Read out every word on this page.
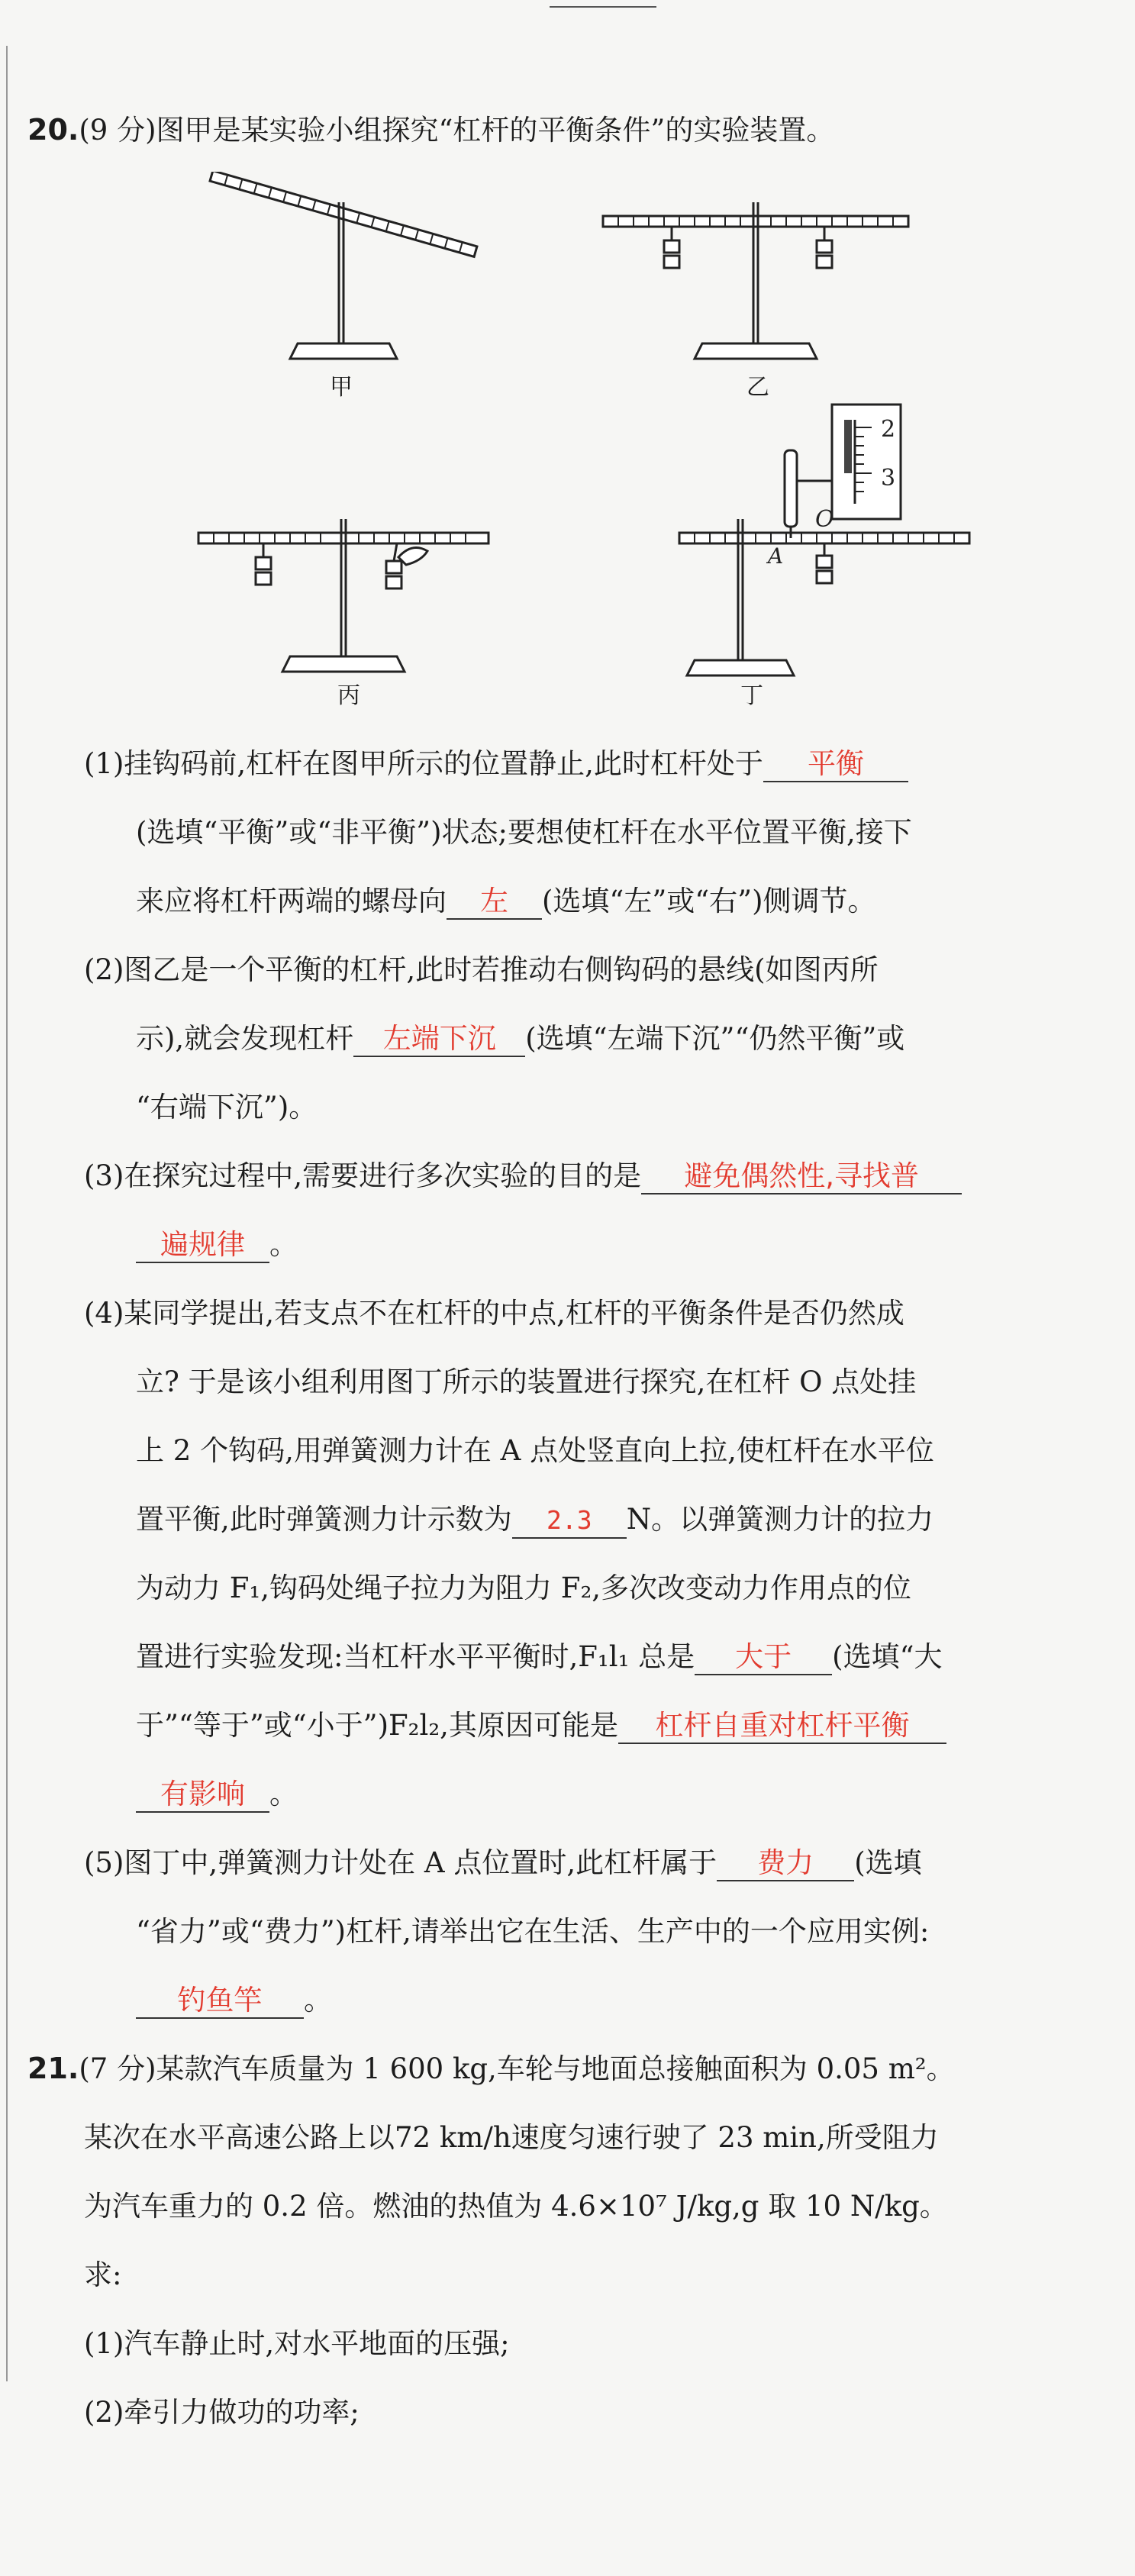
20.(9 分)图甲是某实验小组探究“杠杆的平衡条件”的实验装置。
甲	乙
丙
2
3
O
A
丁
(1)挂钩码前,杠杆在图甲所示的位置静止,此时杠杆处于 平衡
(选填“平衡”或“非平衡”)状态;要想使杠杆在水平位置平衡,接下
来应将杠杆两端的螺母向 左 (选填“左”或“右”)侧调节。
(2)图乙是一个平衡的杠杆,此时若推动右侧钩码的悬线(如图丙所
示),就会发现杠杆 左端下沉 (选填“左端下沉”“仍然平衡”或
“右端下沉”)。
(3)在探究过程中,需要进行多次实验的目的是 避免偶然性,寻找普
遍规律 。
(4)某同学提出,若支点不在杠杆的中点,杠杆的平衡条件是否仍然成
立? 于是该小组利用图丁所示的装置进行探究,在杠杆 O 点处挂
上 2 个钩码,用弹簧测力计在 A 点处竖直向上拉,使杠杆在水平位
置平衡,此时弹簧测力计示数为 2.3 N。以弹簧测力计的拉力
为动力 F₁,钩码处绳子拉力为阻力 F₂,多次改变动力作用点的位
置进行实验发现:当杠杆水平平衡时,F₁l₁ 总是 大于 (选填“大
于”“等于”或“小于”)F₂l₂,其原因可能是 杠杆自重对杠杆平衡
有影响 。
(5)图丁中,弹簧测力计处在 A 点位置时,此杠杆属于 费力 (选填
“省力”或“费力”)杠杆,请举出它在生活、生产中的一个应用实例:
钓鱼竿 。
21.(7 分)某款汽车质量为 1 600 kg,车轮与地面总接触面积为 0.05 m²。
某次在水平高速公路上以72 km/h速度匀速行驶了 23 min,所受阻力
为汽车重力的 0.2 倍。燃油的热值为 4.6×10⁷ J/kg,g 取 10 N/kg。
求:
(1)汽车静止时,对水平地面的压强;
(2)牵引力做功的功率;
